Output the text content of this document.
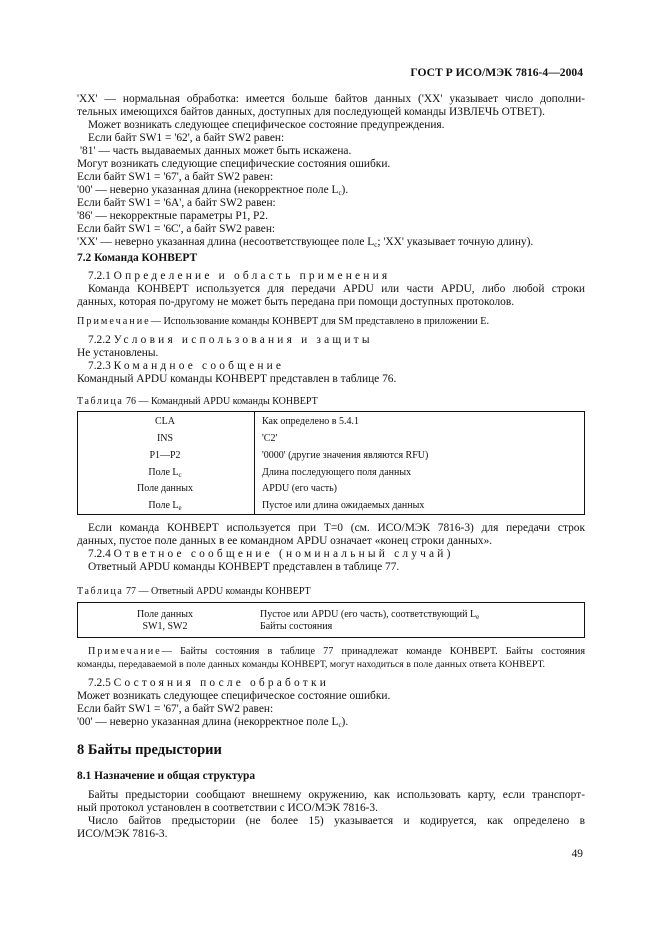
ГОСТ Р ИСО/МЭК 7816-4—2004
'XX' — нормальная обработка: имеется больше байтов данных ('XX' указывает число дополни-
тельных имеющихся байтов данных, доступных для последующей команды ИЗВЛЕЧЬ ОТВЕТ).
Может возникать следующее специфическое состояние предупреждения.
Если байт SW1 = '62', а байт SW2 равен:
'81' — часть выдаваемых данных может быть искажена.
Могут возникать следующие специфические состояния ошибки.
Если байт SW1 = '67', а байт SW2 равен:
'00' — неверно указанная длина (некорректное поле $L_c$).
Если байт SW1 = '6A', а байт SW2 равен:
'86' — некорректные параметры P1, P2.
Если байт SW1 = '6C', а байт SW2 равен:
'XX' — неверно указанная длина (несоответствующее поле $L_c$; 'XX' указывает точную длину).
7.2 Команда КОНВЕРТ
7.2.1 Определение и область применения
Команда КОНВЕРТ используется для передачи APDU или части APDU, либо любой строки
данных, которая по-другому не может быть передана при помощи доступных протоколов.
Примечание— Использование команды КОНВЕРТ для SM представлено в приложении Е.
7.2.2 Условия использования и защиты
Не установлены.
7.2.3 Командное сообщение
Командный APDU команды КОНВЕРТ представлен в таблице 76.
Таблица 76 — Командный APDU команды КОНВЕРТ
CLA	Как определено в 5.4.1
INS	'C2'
P1—P2	'0000' (другие значения являются RFU)
Поле $L_c$	Длина последующего поля данных
Поле данных	APDU (его часть)
Поле $L_e$	Пустое или длина ожидаемых данных
Если команда КОНВЕРТ используется при T=0 (см. ИСО/МЭК 7816-3) для передачи строк
данных, пустое поле данных в ее командном APDU означает «конец строки данных».
7.2.4 Ответное сообщение (номинальный случай)
Ответный APDU команды КОНВЕРТ представлен в таблице 77.
Таблица 77 — Ответный APDU команды КОНВЕРТ
Поле данных	Пустое или APDU (его часть), соответствующий $L_e$
SW1, SW2	Байты состояния
Примечание— Байты состояния в таблице 77 принадлежат команде КОНВЕРТ. Байты состояния
команды, передаваемой в поле данных команды КОНВЕРТ, могут находиться в поле данных ответа КОНВЕРТ.
7.2.5 Состояния после обработки
Может возникать следующее специфическое состояние ошибки.
Если байт SW1 = '67', а байт SW2 равен:
'00' — неверно указанная длина (некорректное поле $L_c$).
8 Байты предыстории
8.1 Назначение и общая структура
Байты предыстории сообщают внешнему окружению, как использовать карту, если транспорт-
ный протокол установлен в соответствии с ИСО/МЭК 7816-3.
Число байтов предыстории (не более 15) указывается и кодируется, как определено в
ИСО/МЭК 7816-3.
49
